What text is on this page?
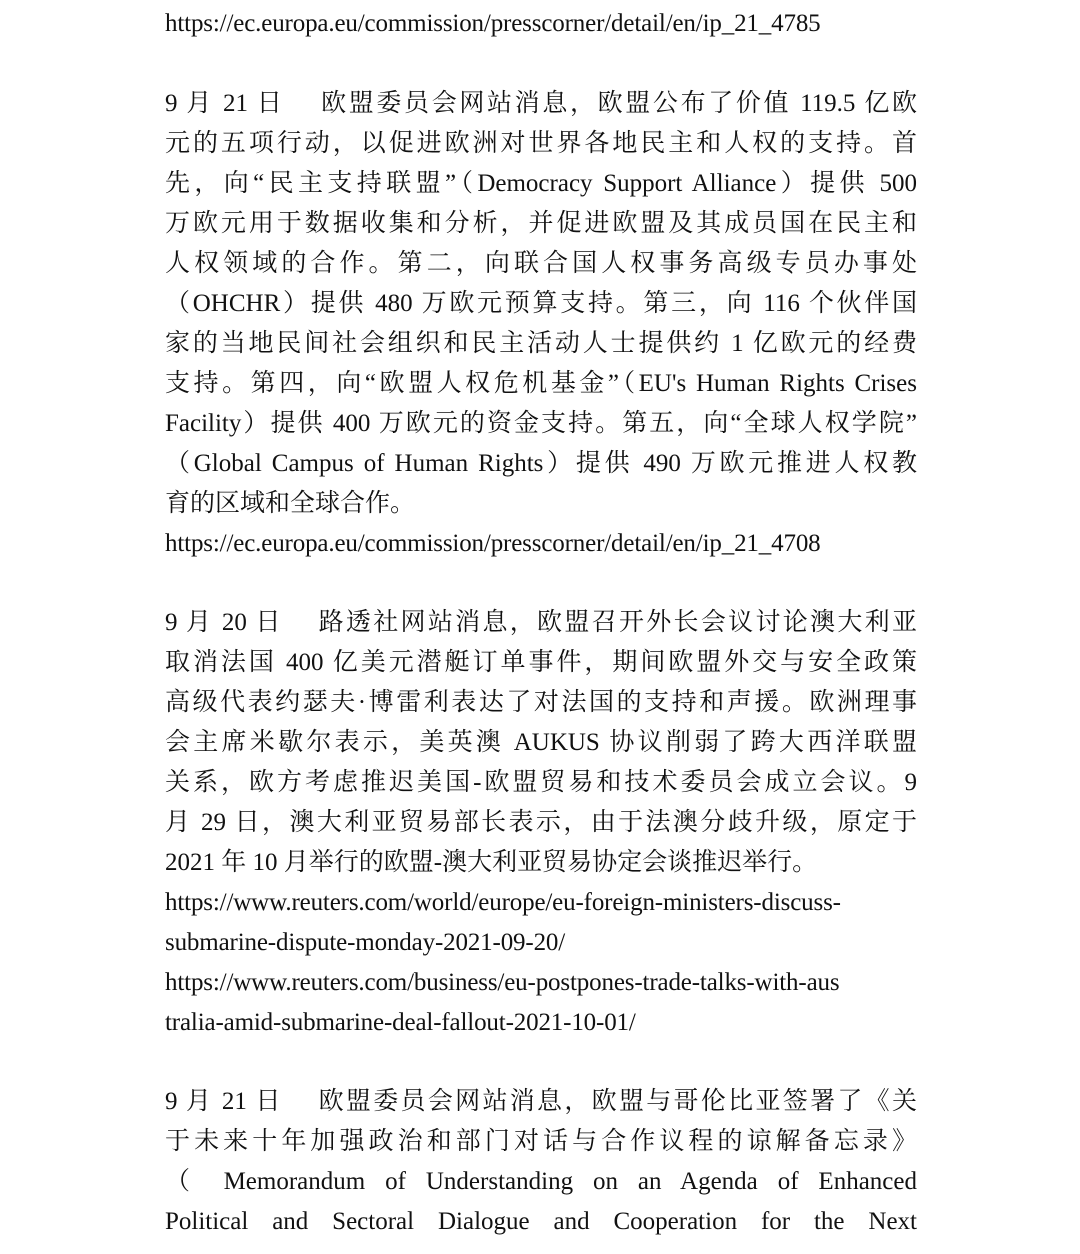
https://ec.europa.eu/commission/presscorner/detail/en/ip_21_4785
9 月 21 日　 欧盟委员会网站消息，欧盟公布了价值 119.5 亿欧
元的五项行动，以促进欧洲对世界各地民主和人权的支持。首
先，向“民主支持联盟”（Democracy Support Alliance）提供 500
万欧元用于数据收集和分析，并促进欧盟及其成员国在民主和
人权领域的合作。第二，向联合国人权事务高级专员办事处
（OHCHR）提供 480 万欧元预算支持。第三，向 116 个伙伴国
家的当地民间社会组织和民主活动人士提供约 1 亿欧元的经费
支持。第四，向“欧盟人权危机基金”（EU's Human Rights Crises
Facility）提供 400 万欧元的资金支持。第五，向“全球人权学院”
（Global Campus of Human Rights）提供 490 万欧元推进人权教
育的区域和全球合作。
https://ec.europa.eu/commission/presscorner/detail/en/ip_21_4708
9 月 20 日　 路透社网站消息，欧盟召开外长会议讨论澳大利亚
取消法国 400 亿美元潜艇订单事件，期间欧盟外交与安全政策
高级代表约瑟夫·博雷利表达了对法国的支持和声援。欧洲理事
会主席米歇尔表示，美英澳 AUKUS 协议削弱了跨大西洋联盟
关系，欧方考虑推迟美国-欧盟贸易和技术委员会成立会议。9
月 29 日，澳大利亚贸易部长表示，由于法澳分歧升级，原定于
2021 年 10 月举行的欧盟-澳大利亚贸易协定会谈推迟举行。
https://www.reuters.com/world/europe/eu-foreign-ministers-discuss-
submarine-dispute-monday-2021-09-20/
https://www.reuters.com/business/eu-postpones-trade-talks-with-aus
tralia-amid-submarine-deal-fallout-2021-10-01/
9 月 21 日　 欧盟委员会网站消息，欧盟与哥伦比亚签署了《关
于未来十年加强政治和部门对话与合作议程的谅解备忘录》
（ Memorandum of Understanding on an Agenda of Enhanced
Political and Sectoral Dialogue and Cooperation for the Next
